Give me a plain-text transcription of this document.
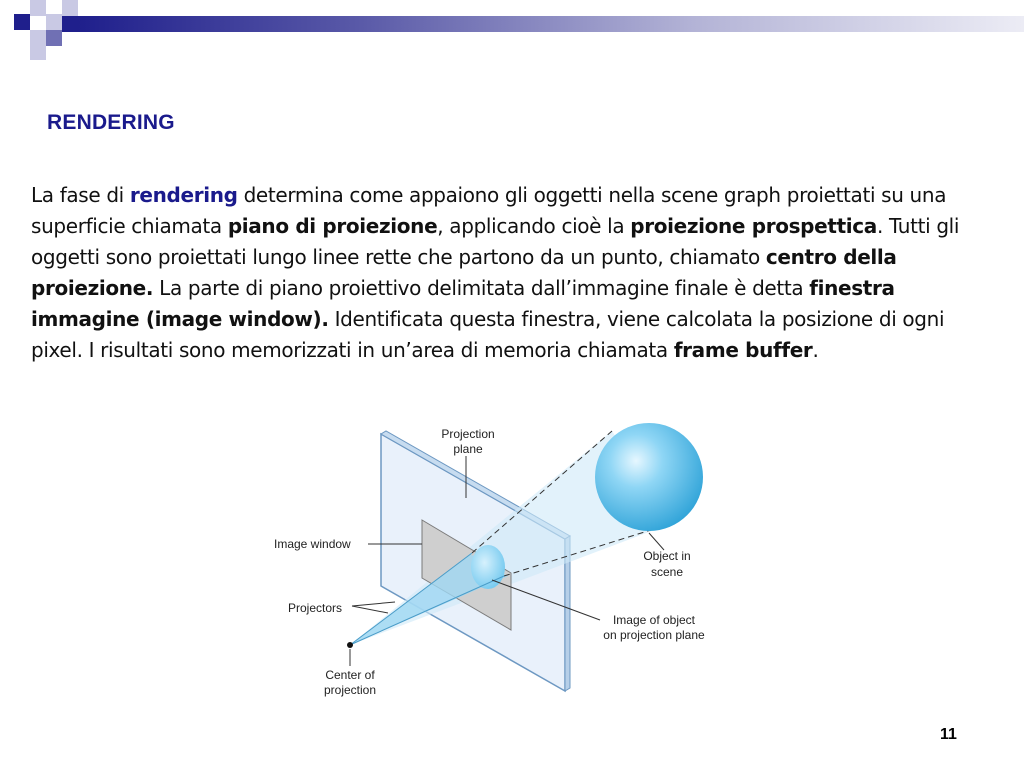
RENDERING
La fase di rendering determina come appaiono gli oggetti nella scene graph proiettati su una superficie chiamata piano di proiezione, applicando cioè la proiezione prospettica. Tutti gli oggetti sono proiettati lungo linee rette che partono da un punto, chiamato centro della proiezione. La parte di piano proiettivo delimitata dall’immagine finale è detta finestra immagine (image window). Identificata questa finestra, viene calcolata la posizione di ogni pixel. I risultati sono memorizzati in un’area di memoria chiamata frame buffer.
Projection
plane
Image window
Projectors
Center of
projection
Object in
scene
Image of object
on projection plane
11
